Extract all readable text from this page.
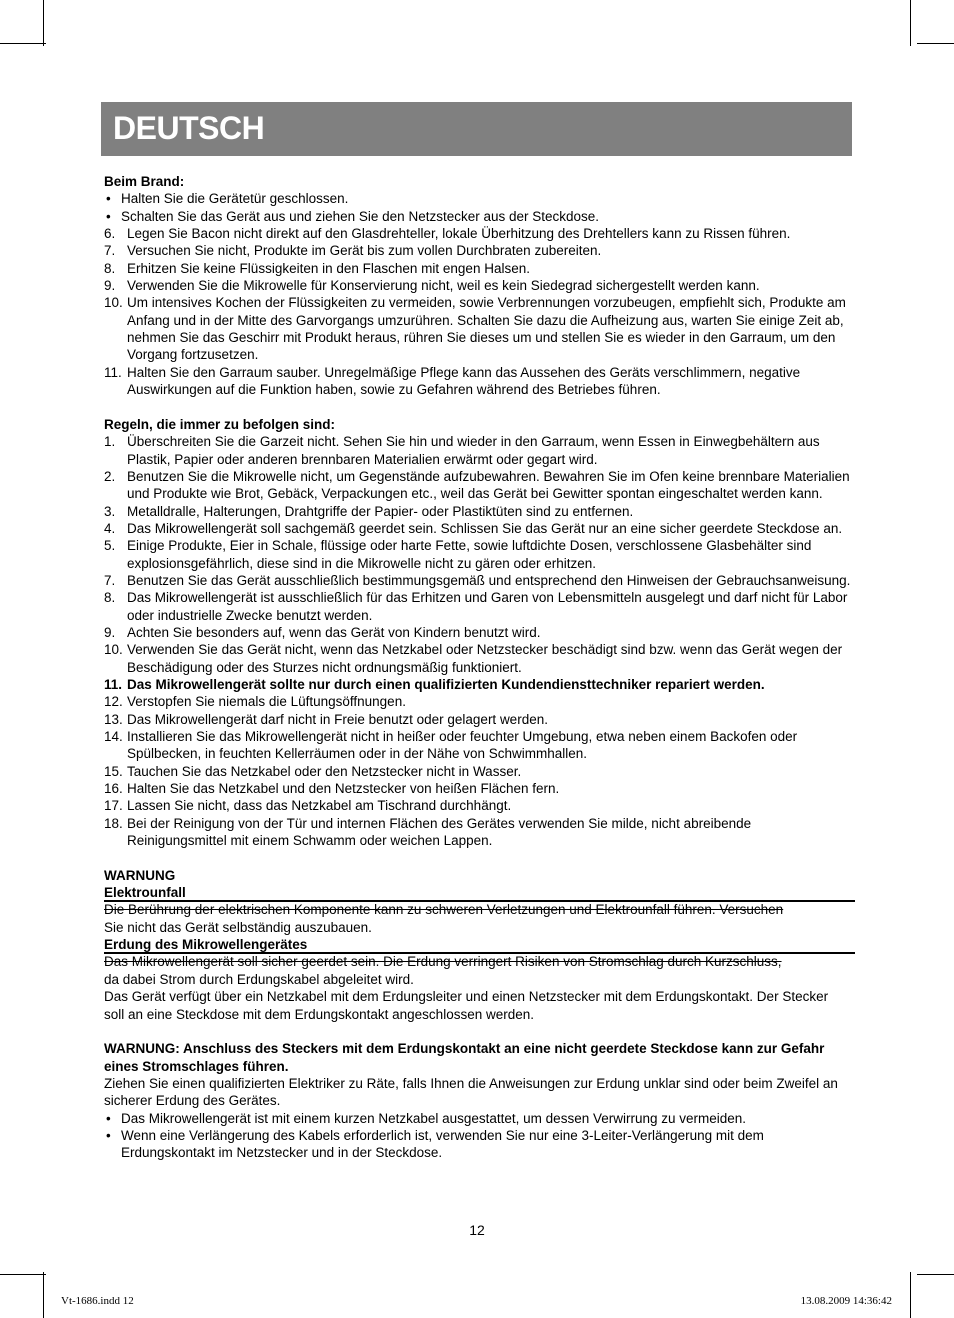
DEUTSCH

Beim Brand:

• Halten Sie die Gerätetür geschlossen.
• Schalten Sie das Gerät aus und ziehen Sie den Netzstecker aus der Steckdose.
6. Legen Sie Bacon nicht direkt auf den Glasdrehteller, lokale Überhitzung des Drehtellers kann zu Rissen führen.
7. Versuchen Sie nicht, Produkte im Gerät bis zum vollen Durchbraten zubereiten.
8. Erhitzen Sie keine Flüssigkeiten in den Flaschen mit engen Halsen.
9. Verwenden Sie die Mikrowelle für Konservierung nicht, weil es kein Siedegrad sichergestellt werden kann.
10. Um intensives Kochen der Flüssigkeiten zu vermeiden, sowie Verbrennungen vorzubeugen, empfiehlt sich, Produkte am Anfang und in der Mitte des Garvorgangs umzurühren. Schalten Sie dazu die Aufheizung aus, warten Sie einige Zeit ab, nehmen Sie das Geschirr mit Produkt heraus, rühren Sie dieses um und stellen Sie es wieder in den Garraum, um den Vorgang fortzusetzen.
11. Halten Sie den Garraum sauber. Unregelmäßige Pflege kann das Aussehen des Geräts verschlimmern, negative Auswirkungen auf die Funktion haben, sowie zu Gefahren während des Betriebes führen.

Regeln, die immer zu befolgen sind:

1. Überschreiten Sie die Garzeit nicht. Sehen Sie hin und wieder in den Garraum, wenn Essen in Einwegbehältern aus Plastik, Papier oder anderen brennbaren Materialien erwärmt oder gegart wird.
2. Benutzen Sie die Mikrowelle nicht, um Gegenstände aufzubewahren. Bewahren Sie im Ofen keine brennbare Materialien und Produkte wie Brot, Gebäck, Verpackungen etc., weil das Gerät bei Gewitter spontan eingeschaltet werden kann.
3. Metalldralle, Halterungen, Drahtgriffe der Papier- oder Plastiktüten sind zu entfernen.
4. Das Mikrowellengerät soll sachgemäß geerdet sein. Schlissen Sie das Gerät nur an eine sicher geerdete Steckdose an.
5. Einige Produkte, Eier in Schale, flüssige oder harte Fette, sowie luftdichte Dosen, verschlossene Glasbehälter sind explosionsgefährlich, diese sind in die Mikrowelle nicht zu gären oder erhitzen.
7. Benutzen Sie das Gerät ausschließlich bestimmungsgemäß und entsprechend den Hinweisen der Gebrauchsanweisung.
8. Das Mikrowellengerät ist ausschließlich für das Erhitzen und Garen von Lebensmitteln ausgelegt und darf nicht für Labor oder industrielle Zwecke benutzt werden.
9. Achten Sie besonders auf, wenn das Gerät von Kindern benutzt wird.
10. Verwenden Sie das Gerät nicht, wenn das Netzkabel oder Netzstecker beschädigt sind bzw. wenn das Gerät wegen der Beschädigung oder des Sturzes nicht ordnungsmäßig funktioniert.
11. Das Mikrowellengerät sollte nur durch einen qualifizierten Kundendiensttechniker repariert werden.
12. Verstopfen Sie niemals die Lüftungsöffnungen.
13. Das Mikrowellengerät darf nicht in Freie benutzt oder gelagert werden.
14. Installieren Sie das Mikrowellengerät nicht in heißer oder feuchter Umgebung, etwa neben einem Backofen oder Spülbecken, in feuchten Kellerräumen oder in der Nähe von Schwimmhallen.
15. Tauchen Sie das Netzkabel oder den Netzstecker nicht in Wasser.
16. Halten Sie das Netzkabel und den Netzstecker von heißen Flächen fern.
17. Lassen Sie nicht, dass das Netzkabel am Tischrand durchhängt.
18. Bei der Reinigung von der Tür und internen Flächen des Gerätes verwenden Sie milde, nicht abreibende Reinigungsmittel mit einem Schwamm oder weichen Lappen.

WARNUNG

Elektrounfall

Die Berührung der elektrischen Komponente kann zu schweren Verletzungen und Elektrounfall führen. Versuchen

Sie nicht das Gerät selbständig auszubauen.

Erdung des Mikrowellengerätes

Das Mikrowellengerät soll sicher geerdet sein. Die Erdung verringert Risiken von Stromschlag durch Kurzschluss,

da dabei Strom durch Erdungskabel abgeleitet wird.

Das Gerät verfügt über ein Netzkabel mit dem Erdungsleiter und einen Netzstecker mit dem Erdungskontakt. Der Stecker soll an eine Steckdose mit dem Erdungskontakt angeschlossen werden.

WARNUNG: Anschluss des Steckers mit dem Erdungskontakt an eine nicht geerdete Steckdose kann zur Gefahr eines Stromschlages führen.

Ziehen Sie einen qualifizierten Elektriker zu Räte, falls Ihnen die Anweisungen zur Erdung unklar sind oder beim Zweifel an sicherer Erdung des Gerätes.

• Das Mikrowellengerät ist mit einem kurzen Netzkabel ausgestattet, um dessen Verwirrung zu vermeiden.
• Wenn eine Verlängerung des Kabels erforderlich ist, verwenden Sie nur eine 3-Leiter-Verlängerung mit dem Erdungskontakt im Netzstecker und in der Steckdose.
12
Vt-1686.indd 12	13.08.2009 14:36:42
